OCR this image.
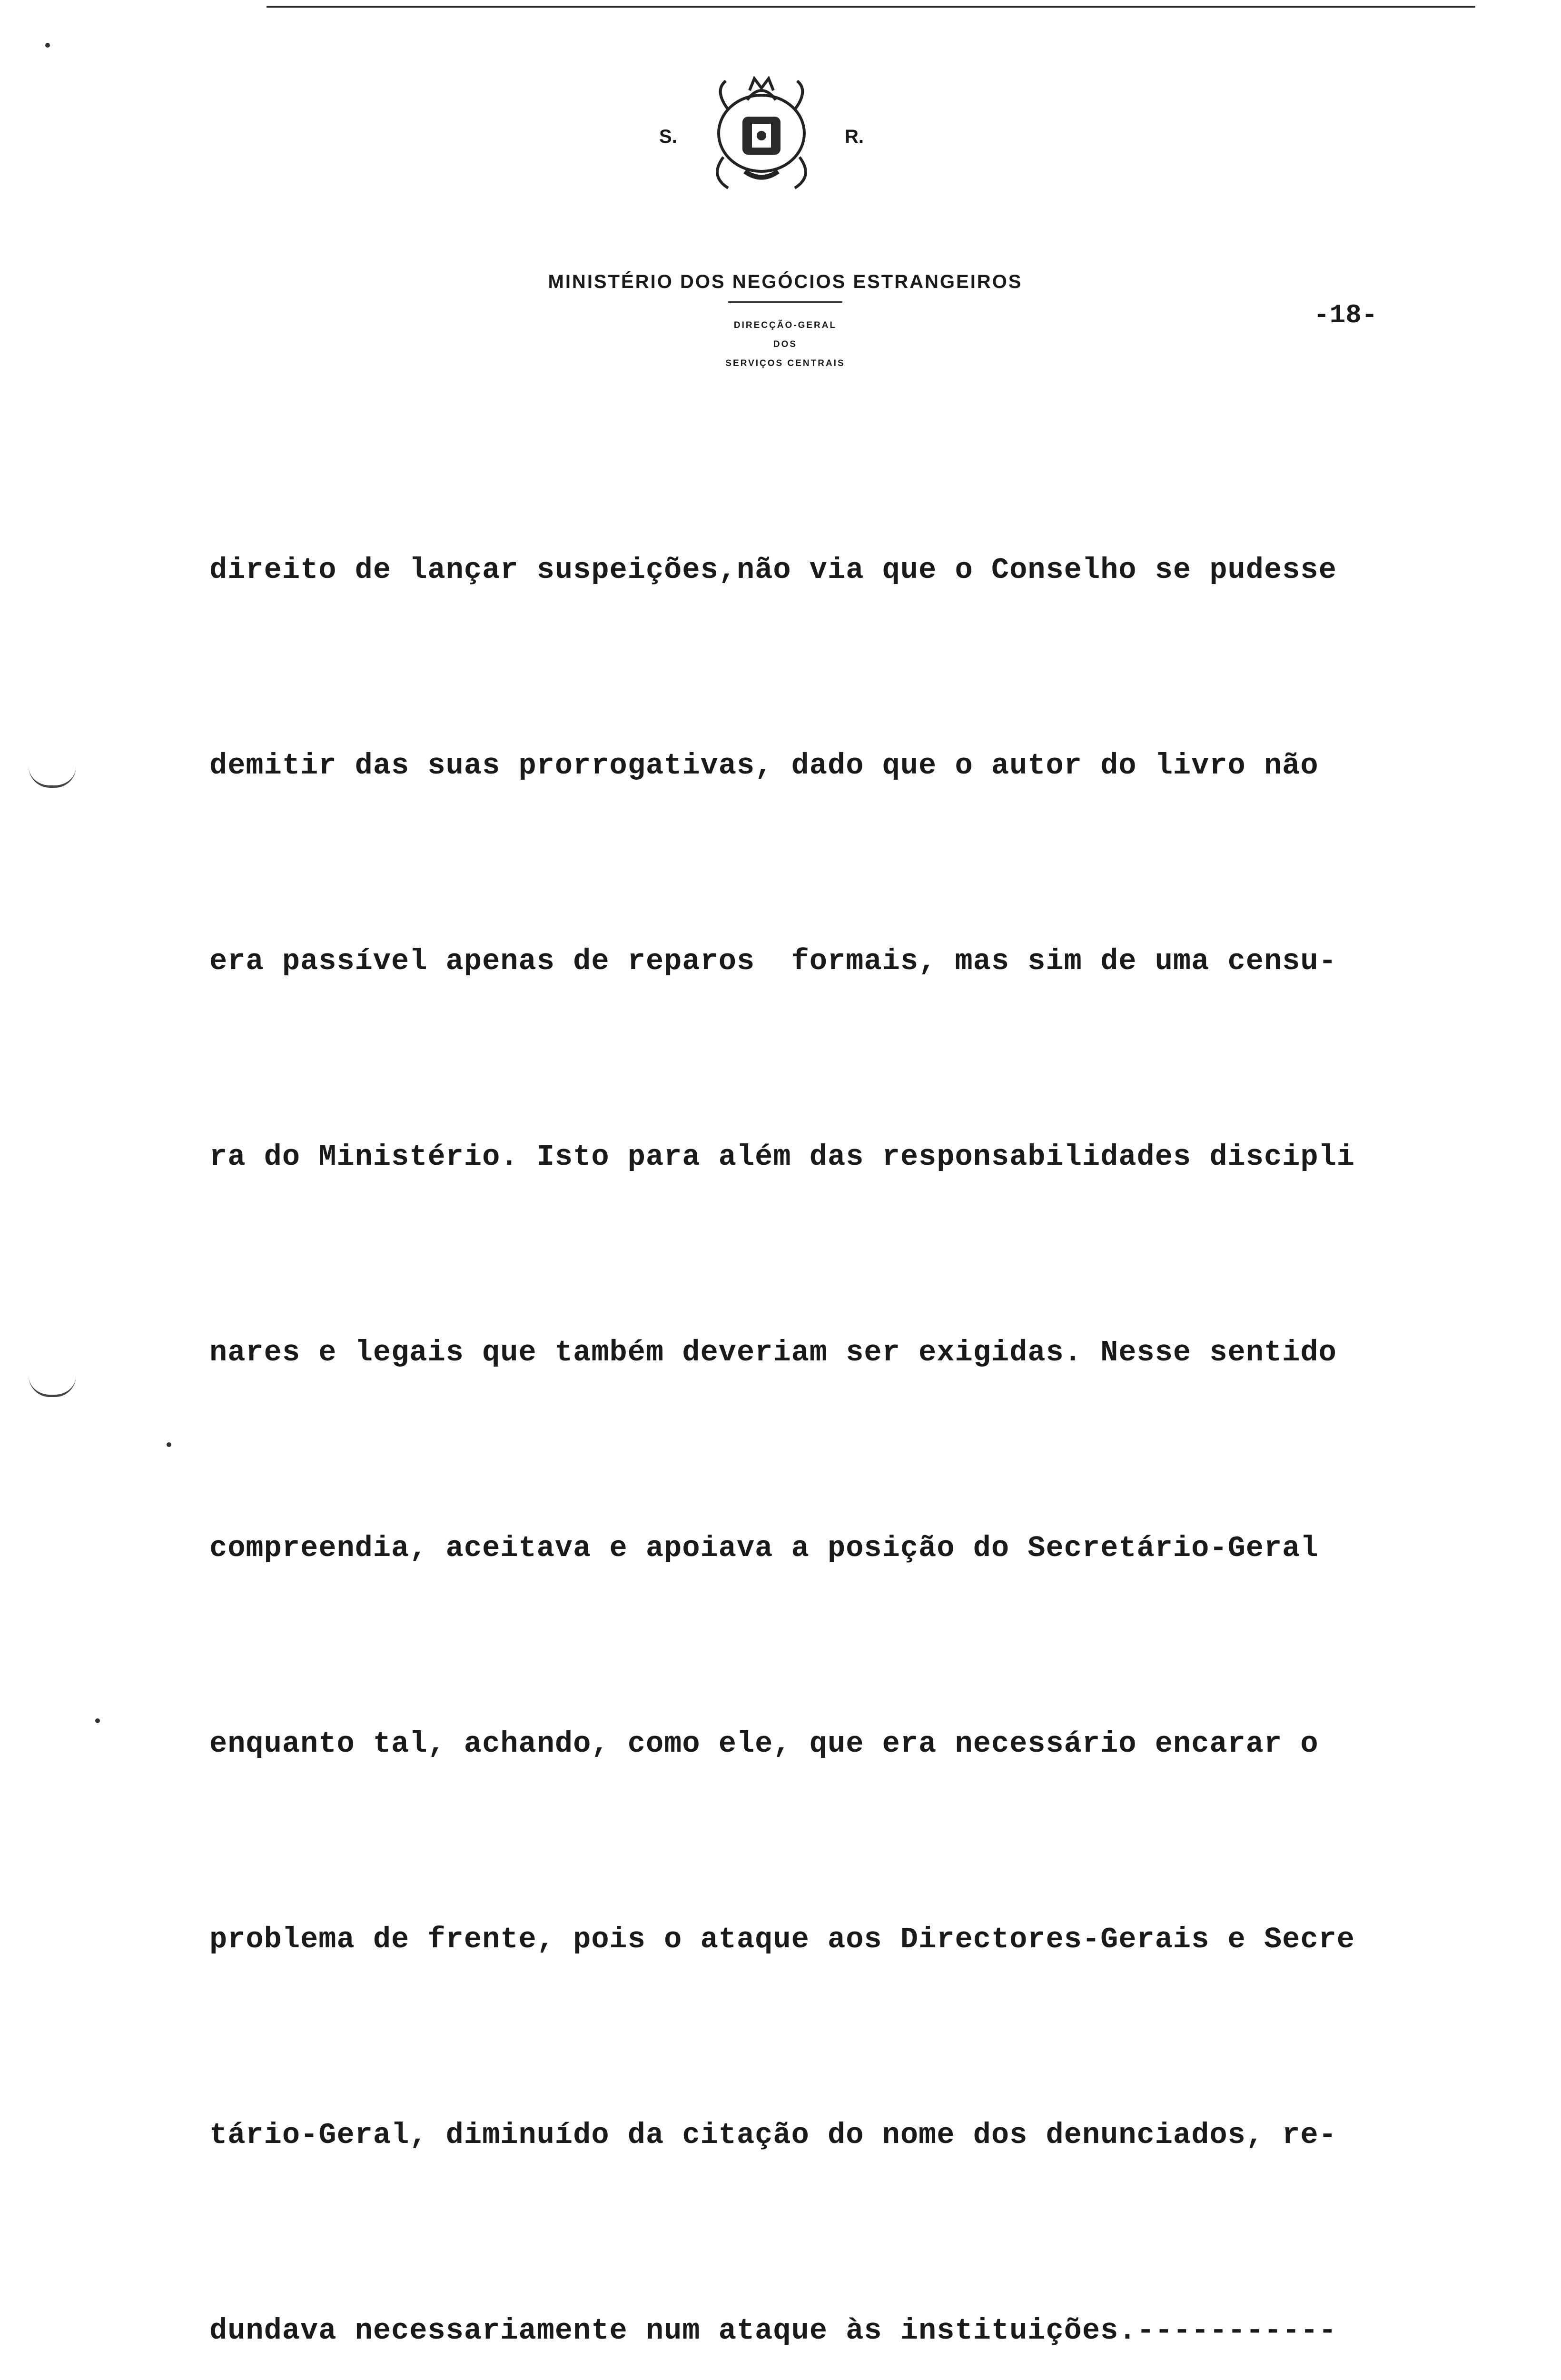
S.	R.
MINISTÉRIO DOS NEGÓCIOS ESTRANGEIROS
DIRECÇÃO-GERAL
DOS
SERVIÇOS CENTRAIS
-18-

direito de lançar suspeições,não via que o Conselho se pudesse

demitir das suas prorrogativas, dado que o autor do livro não

era passível apenas de reparos  formais, mas sim de uma censu-

ra do Ministério. Isto para além das responsabilidades discipli

nares e legais que também deveriam ser exigidas. Nesse sentido

compreendia, aceitava e apoiava a posição do Secretário-Geral

enquanto tal, achando, como ele, que era necessário encarar o

problema de frente, pois o ataque aos Directores-Gerais e Secre

tário-Geral, diminuído da citação do nome dos denunciados, re-

dundava necessariamente num ataque às instituições.-----------
